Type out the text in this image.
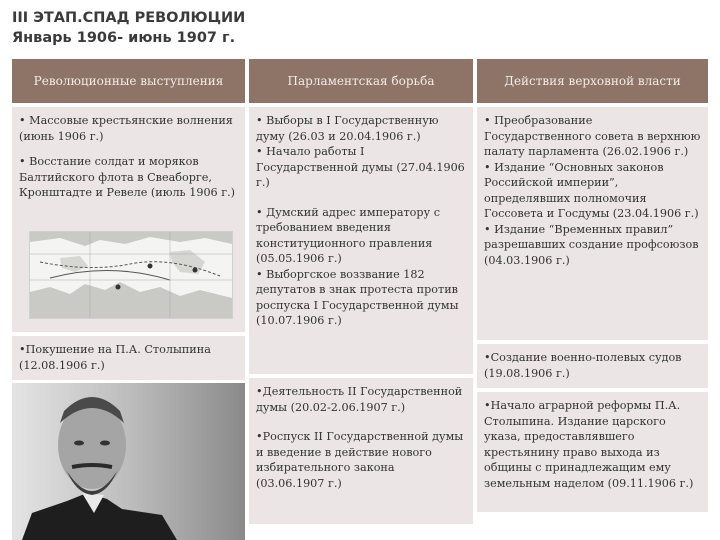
III ЭТАП.СПАД РЕВОЛЮЦИИ
Январь 1906- июнь 1907 г.
Революционные выступления	Парламентская борьба	Действия верховной власти

• Массовые крестьянские волнения (июнь 1906 г.)

• Восстание солдат и моряков Балтийского флота в Свеаборге, Кронштадте и Ревеле (июль 1906 г.)

•Покушение на П.А. Столыпина (12.08.1906 г.)

• Выборы в I Государственную думу (26.03 и 20.04.1906 г.)

• Начало работы I Государственной думы (27.04.1906 г.)

• Думский адрес императору с требованием введения конституционного правления (05.05.1906 г.)

• Выборгское воззвание 182 депутатов в знак протеста против роспуска I Государственной думы (10.07.1906 г.)

•Деятельность II Государственной думы (20.02-2.06.1907 г.)

•Роспуск II Государственной думы и введение в действие нового избирательного закона (03.06.1907 г.)

• Преобразование Государственного совета в верхнюю палату парламента (26.02.1906 г.)

• Издание “Основных законов Российской империи”, определявших полномочия Госсовета и Госдумы (23.04.1906 г.)

• Издание “Временных правил” разрешавших создание профсоюзов (04.03.1906 г.)

•Создание военно-полевых судов (19.08.1906 г.)

•Начало аграрной реформы П.А. Столыпина. Издание царского указа, предоставлявшего крестьянину право выхода из общины с принадлежащим ему земельным наделом (09.11.1906 г.)
